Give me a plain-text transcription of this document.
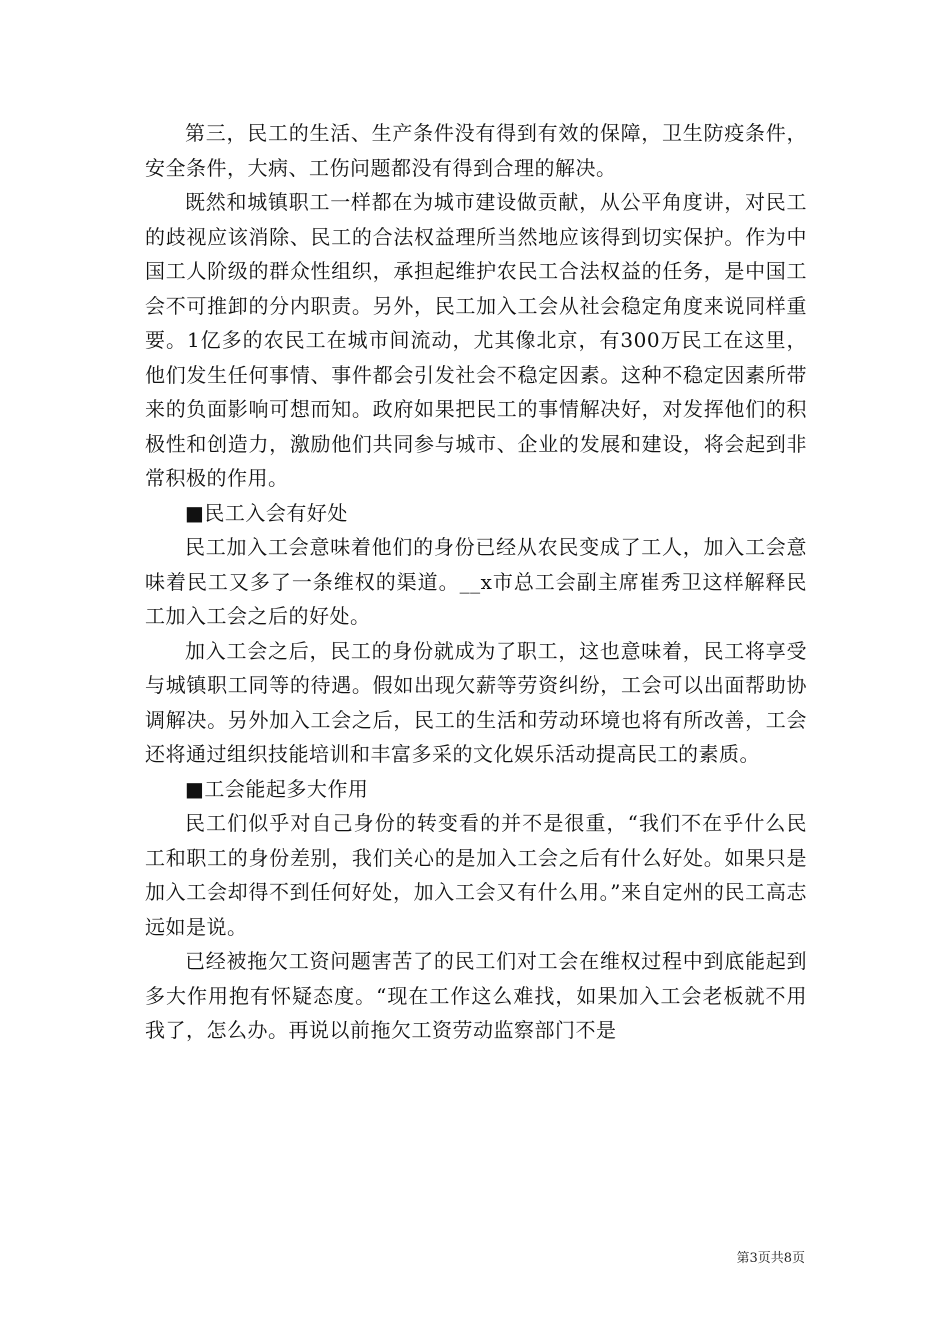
第三，民工的生活、生产条件没有得到有效的保障，卫生防疫条件，安全条件，大病、工伤问题都没有得到合理的解决。

既然和城镇职工一样都在为城市建设做贡献，从公平角度讲，对民工的歧视应该消除、民工的合法权益理所当然地应该得到切实保护。作为中国工人阶级的群众性组织，承担起维护农民工合法权益的任务，是中国工会不可推卸的分内职责。另外，民工加入工会从社会稳定角度来说同样重要。1亿多的农民工在城市间流动，尤其像北京，有300万民工在这里，他们发生任何事情、事件都会引发社会不稳定因素。这种不稳定因素所带来的负面影响可想而知。政府如果把民工的事情解决好，对发挥他们的积极性和创造力，激励他们共同参与城市、企业的发展和建设，将会起到非常积极的作用。

■民工入会有好处

民工加入工会意味着他们的身份已经从农民变成了工人，加入工会意味着民工又多了一条维权的渠道。__x市总工会副主席崔秀卫这样解释民工加入工会之后的好处。

加入工会之后，民工的身份就成为了职工，这也意味着，民工将享受与城镇职工同等的待遇。假如出现欠薪等劳资纠纷，工会可以出面帮助协调解决。另外加入工会之后，民工的生活和劳动环境也将有所改善，工会还将通过组织技能培训和丰富多采的文化娱乐活动提高民工的素质。

■工会能起多大作用

民工们似乎对自己身份的转变看的并不是很重，“我们不在乎什么民工和职工的身份差别，我们关心的是加入工会之后有什么好处。如果只是加入工会却得不到任何好处，加入工会又有什么用。”来自定州的民工高志远如是说。

已经被拖欠工资问题害苦了的民工们对工会在维权过程中到底能起到多大作用抱有怀疑态度。“现在工作这么难找，如果加入工会老板就不用我了，怎么办。再说以前拖欠工资劳动监察部门不是

第3页共8页
